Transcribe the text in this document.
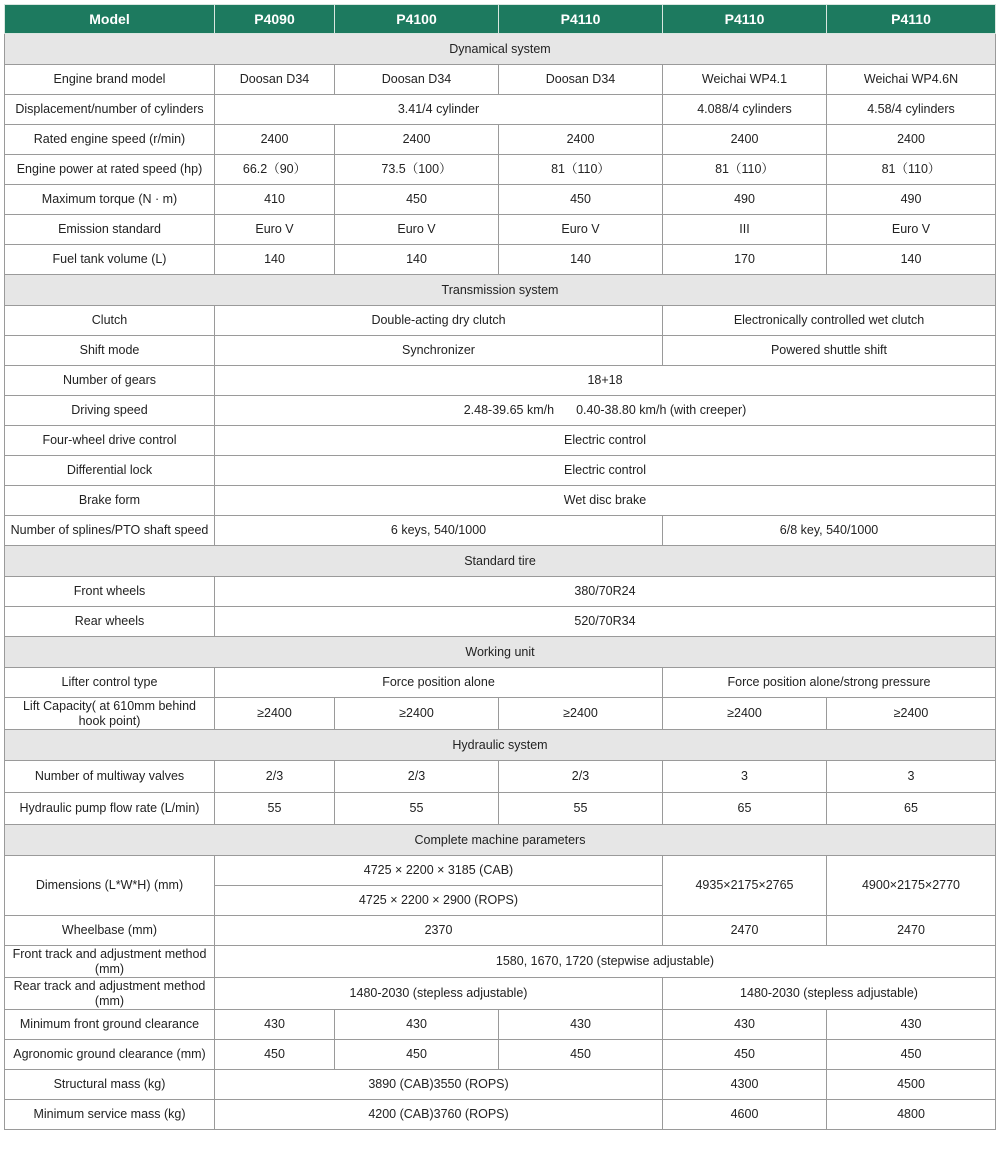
Model	P4090	P4100	P4110	P4110	P4110
Dynamical system					
Engine brand model	Doosan D34	Doosan D34	Doosan D34	Weichai WP4.1	Weichai WP4.6N
Displacement/number of cylinders	3.41/4 cylinder			4.088/4 cylinders	4.58/4 cylinders
Rated engine speed (r/min)	2400	2400	2400	2400	2400
Engine power at rated speed (hp)	66.2（90）	73.5（100）	81（110）	81（110）	81（110）
Maximum torque (N · m)	410	450	450	490	490
Emission standard	Euro V	Euro V	Euro V	III	Euro V
Fuel tank volume (L)	140	140	140	170	140
Transmission system					
Clutch	Double-acting dry clutch			Electronically controlled wet clutch	
Shift mode	Synchronizer			Powered shuttle shift	
Number of gears	18+18				
Driving speed	2.48-39.65 km/h 0.40-38.80 km/h (with creeper)				
Four-wheel drive control	Electric control				
Differential lock	Electric control				
Brake form	Wet disc brake				
Number of splines/PTO shaft speed	6 keys, 540/1000			6/8 key, 540/1000	
Standard tire					
Front wheels	380/70R24				
Rear wheels	520/70R34				
Working unit					
Lifter control type	Force position alone			Force position alone/strong pressure	
Lift Capacity( at 610mm behind hook point)	≥2400	≥2400	≥2400	≥2400	≥2400
Hydraulic system					
Number of multiway valves	2/3	2/3	2/3	3	3
Hydraulic pump flow rate (L/min)	55	55	55	65	65
Complete machine parameters					
Dimensions (L*W*H) (mm)	4725 × 2200 × 3185 (CAB)			4935×2175×2765	4900×2175×2770
	4725 × 2200 × 2900 (ROPS)				
Wheelbase (mm)	2370			2470	2470
Front track and adjustment method (mm)	1580, 1670, 1720 (stepwise adjustable)				
Rear track and adjustment method (mm)	1480-2030 (stepless adjustable)			1480-2030 (stepless adjustable)	
Minimum front ground clearance	430	430	430	430	430
Agronomic ground clearance (mm)	450	450	450	450	450
Structural mass (kg)	3890 (CAB)3550 (ROPS)			4300	4500
Minimum service mass (kg)	4200 (CAB)3760 (ROPS)			4600	4800
